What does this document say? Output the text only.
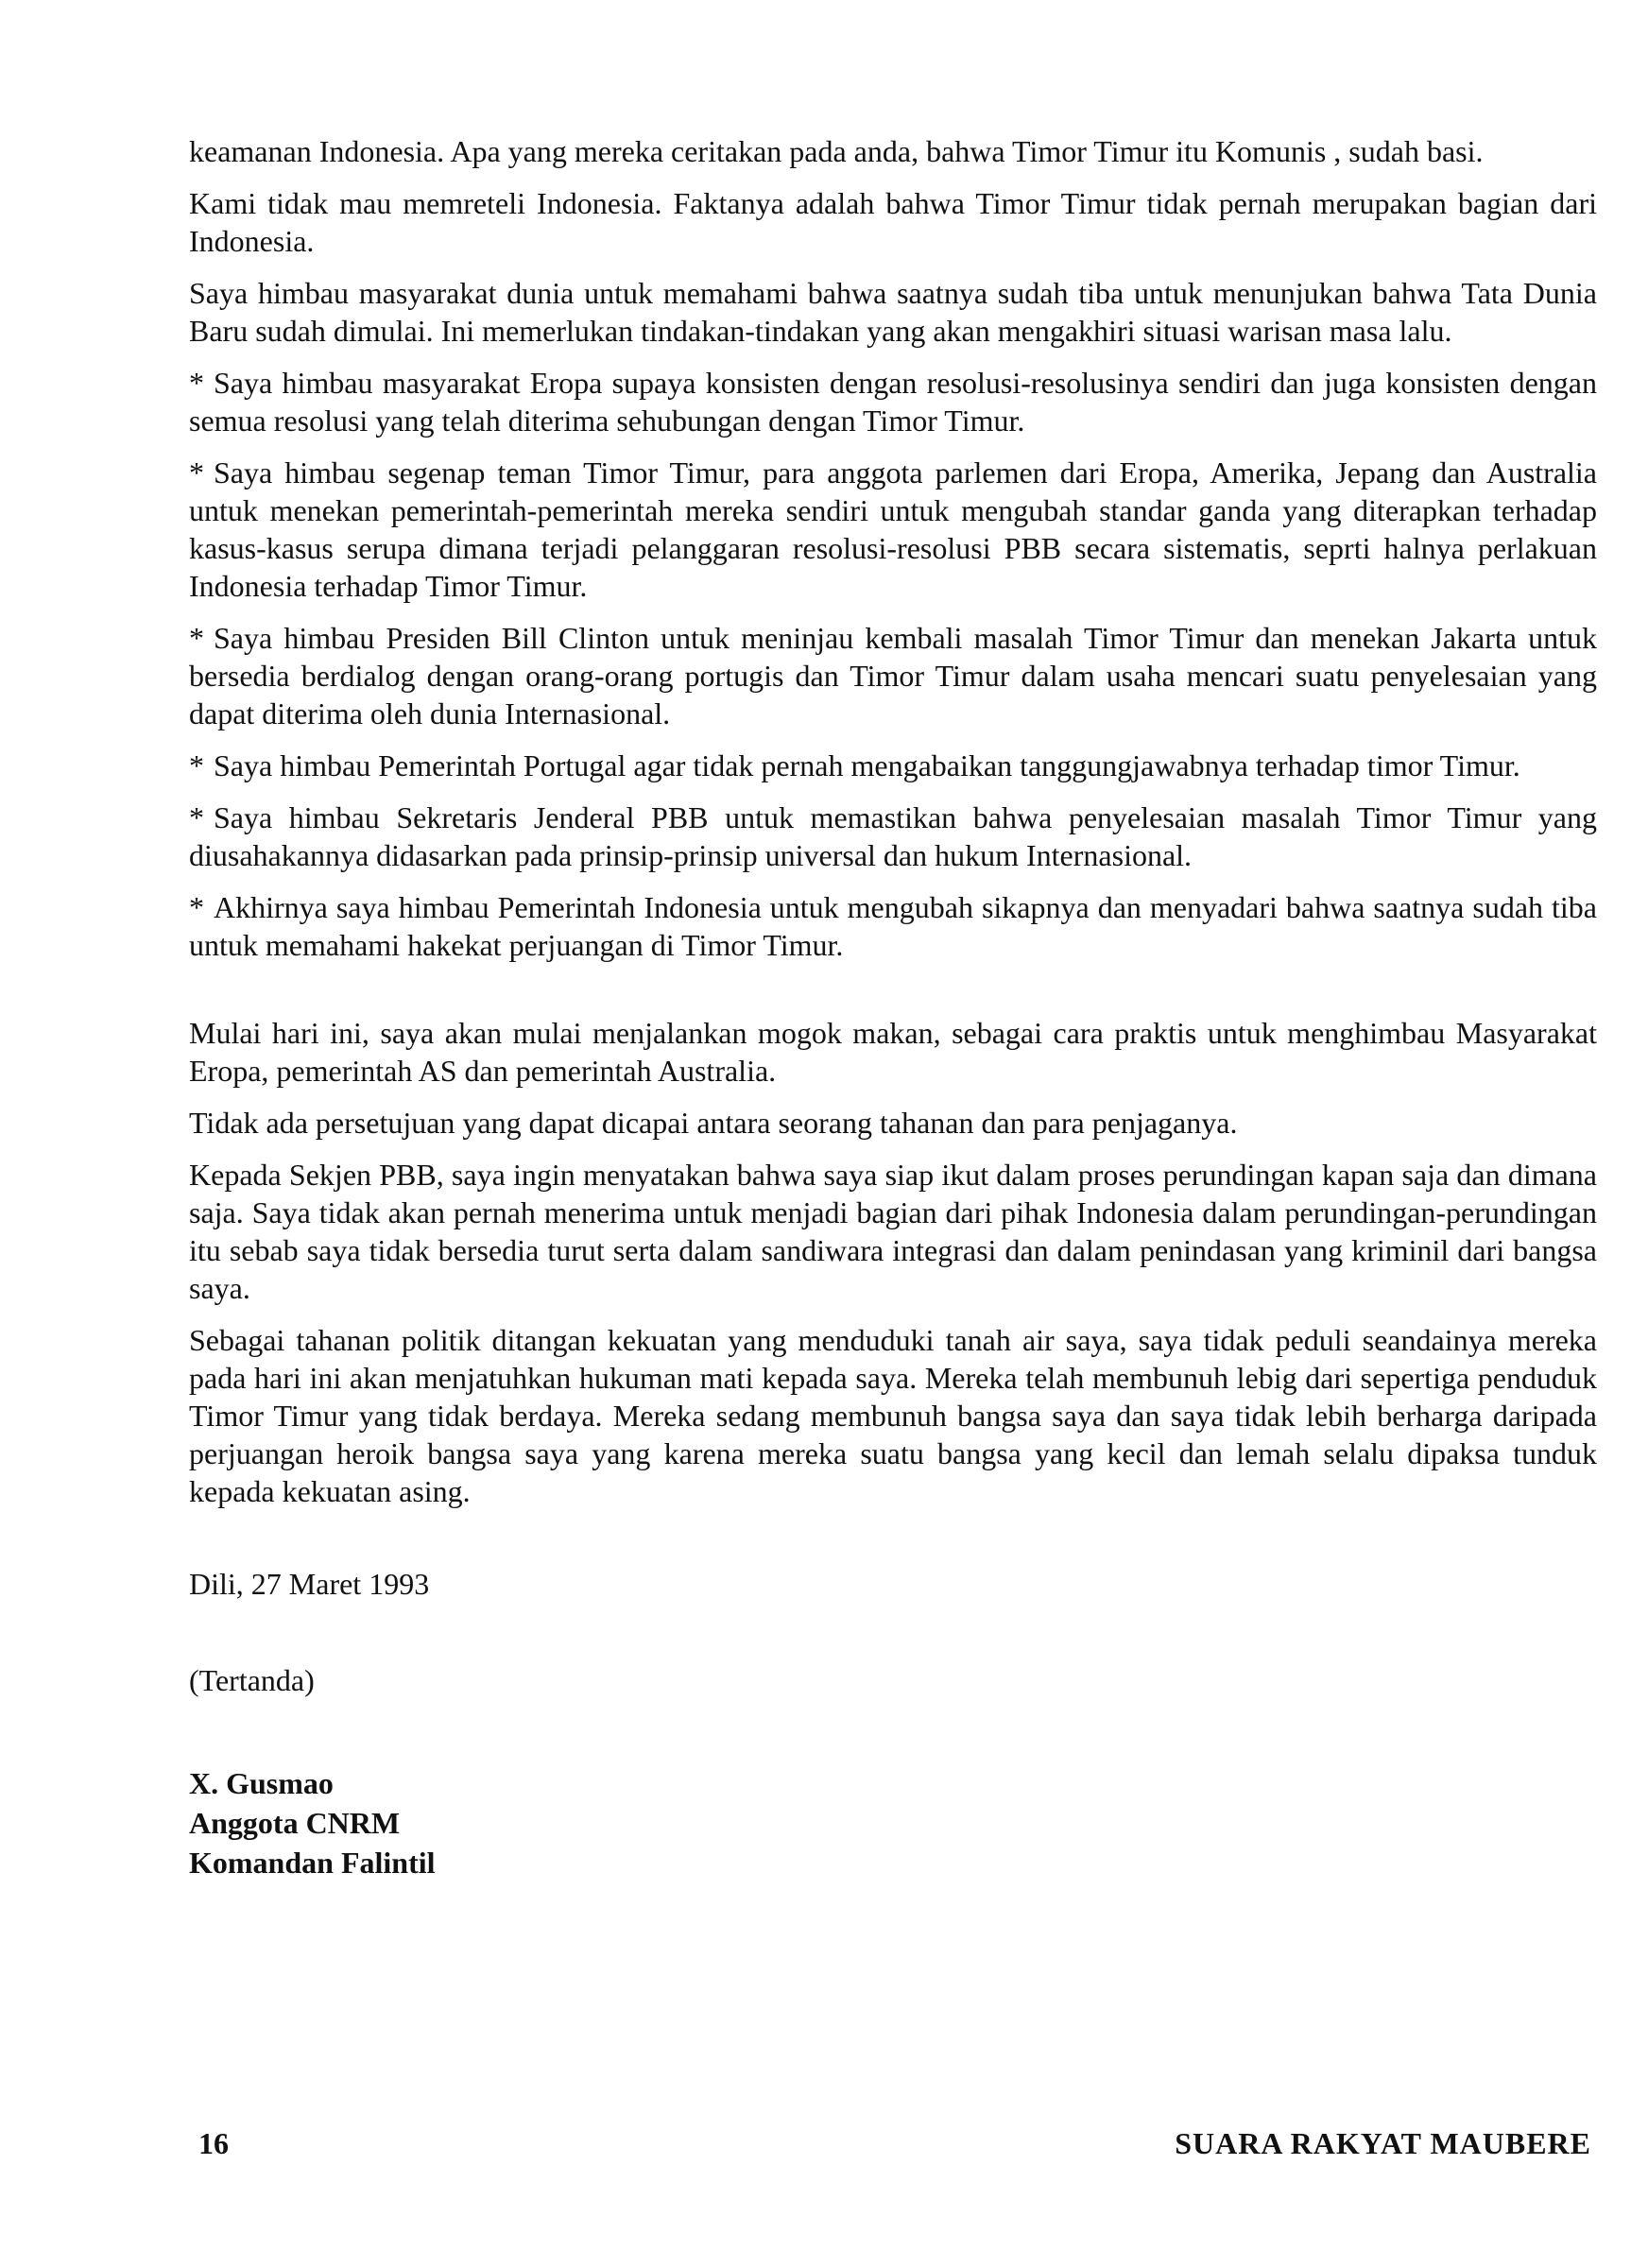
keamanan Indonesia. Apa yang mereka ceritakan pada anda, bahwa Timor Timur itu Komunis , sudah basi.

Kami tidak mau memreteli Indonesia. Faktanya adalah bahwa Timor Timur tidak pernah merupakan bagian dari Indonesia.

Saya himbau masyarakat dunia untuk memahami bahwa saatnya sudah tiba untuk menunjukan bahwa Tata Dunia Baru sudah dimulai. Ini memerlukan tindakan-tindakan yang akan mengakhiri situasi warisan masa lalu.

* Saya himbau masyarakat Eropa supaya konsisten dengan resolusi-resolusinya sendiri dan juga konsisten dengan semua resolusi yang telah diterima sehubungan dengan Timor Timur.

* Saya himbau segenap teman Timor Timur, para anggota parlemen dari Eropa, Amerika, Jepang dan Australia untuk menekan pemerintah-pemerintah mereka sendiri untuk mengubah standar ganda yang diterapkan terhadap kasus-kasus serupa dimana terjadi pelanggaran resolusi-resolusi PBB secara sistematis, seprti halnya perlakuan Indonesia terhadap Timor Timur.

* Saya himbau Presiden Bill Clinton untuk meninjau kembali masalah Timor Timur dan menekan Jakarta untuk bersedia berdialog dengan orang-orang portugis dan Timor Timur dalam usaha mencari suatu penyelesaian yang dapat diterima oleh dunia Internasional.

* Saya himbau Pemerintah Portugal agar tidak pernah mengabaikan tanggungjawabnya terhadap timor Timur.

* Saya himbau Sekretaris Jenderal PBB untuk memastikan bahwa penyelesaian masalah Timor Timur yang diusahakannya didasarkan pada prinsip-prinsip universal dan hukum Internasional.

* Akhirnya saya himbau Pemerintah Indonesia untuk mengubah sikapnya dan menyadari bahwa saatnya sudah tiba untuk memahami hakekat perjuangan di Timor Timur.

Mulai hari ini, saya akan mulai menjalankan mogok makan, sebagai cara praktis untuk menghimbau Masyarakat Eropa, pemerintah AS dan pemerintah Australia.

Tidak ada persetujuan yang dapat dicapai antara seorang tahanan dan para penjaganya.

Kepada Sekjen PBB, saya ingin menyatakan bahwa saya siap ikut dalam proses perundingan kapan saja dan dimana saja. Saya tidak akan pernah menerima untuk menjadi bagian dari pihak Indonesia dalam perundingan-perundingan itu sebab saya tidak bersedia turut serta dalam sandiwara integrasi dan dalam penindasan yang kriminil dari bangsa saya.

Sebagai tahanan politik ditangan kekuatan yang menduduki tanah air saya, saya tidak peduli seandainya mereka pada hari ini akan menjatuhkan hukuman mati kepada saya. Mereka telah membunuh lebig dari sepertiga penduduk Timor Timur yang tidak berdaya. Mereka sedang membunuh bangsa saya dan saya tidak lebih berharga daripada perjuangan heroik bangsa saya yang karena mereka suatu bangsa yang kecil dan lemah selalu dipaksa tunduk kepada kekuatan asing.

Dili, 27 Maret 1993
(Tertanda)
X. Gusmao
Anggota CNRM
Komandan Falintil
16	SUARA RAKYAT MAUBERE
